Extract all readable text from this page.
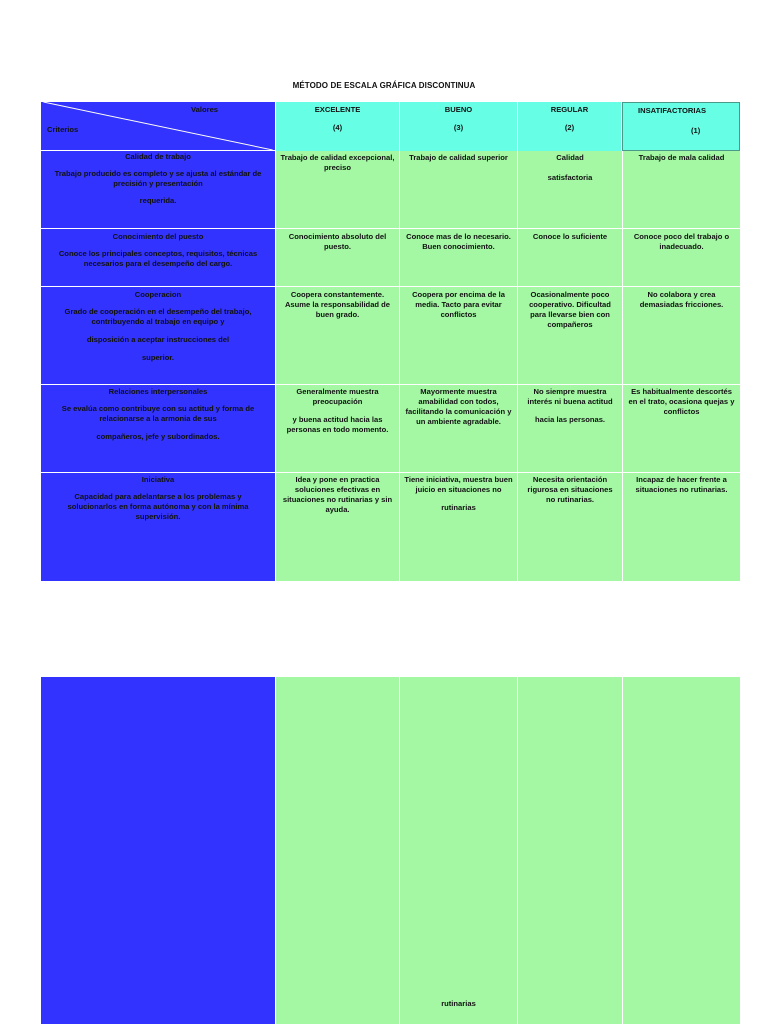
MÉTODO DE ESCALA GRÁFICA DISCONTINUA
Valores
Criterios
EXCELENTE
(4)
BUENO
(3)
REGULAR
(2)
INSATIFACTORIAS
(1)
Calidad de trabajo
Trabajo producido es completo y se ajusta al estándar de precisión y presentación
requerida.
Trabajo de calidad excepcional, preciso
Trabajo de calidad superior	Calidad
satisfactoria
Trabajo de mala calidad
Conocimiento del puesto
Conoce los principales conceptos, requisitos, técnicas necesarios para el desempeño del cargo.
Conocimiento absoluto del puesto.
Conoce mas de lo necesario. Buen conocimiento.
Conoce lo suficiente	Conoce poco del trabajo o inadecuado.
Cooperacion
Grado de cooperación en el desempeño del trabajo, contribuyendo al trabajo en equipo y
disposición a aceptar instrucciones del
superior.
Coopera constantemente. Asume la responsabilidad de buen grado.
Coopera por encima de la media. Tacto para evitar conflictos
Ocasionalmente poco cooperativo. Dificultad para llevarse bien con compañeros
No colabora y crea demasiadas fricciones.
Relaciones interpersonales
Se evalúa como contribuye con su actitud y forma de relacionarse a la armonia de sus
compañeros, jefe y subordinados.
Generalmente muestra preocupación
y buena actitud hacia las personas en todo momento.
Mayormente muestra amabilidad con todos, facilitando la comunicación y un ambiente agradable.
No siempre muestra interés ni buena actitud
hacia las personas.
Es habitualmente descortés en el trato, ocasiona quejas y conflictos
Iniciativa
Capacidad para adelantarse a los problemas y solucionarlos en forma autónoma y con la mínima supervisión.
Idea y pone en practica soluciones efectivas en situaciones no rutinarias y sin ayuda.
Tiene iniciativa, muestra buen juicio en situaciones no
rutinarias
Necesita orientación rigurosa en situaciones no rutinarias.
Incapaz de hacer frente a situaciones no rutinarias.
rutinarias
